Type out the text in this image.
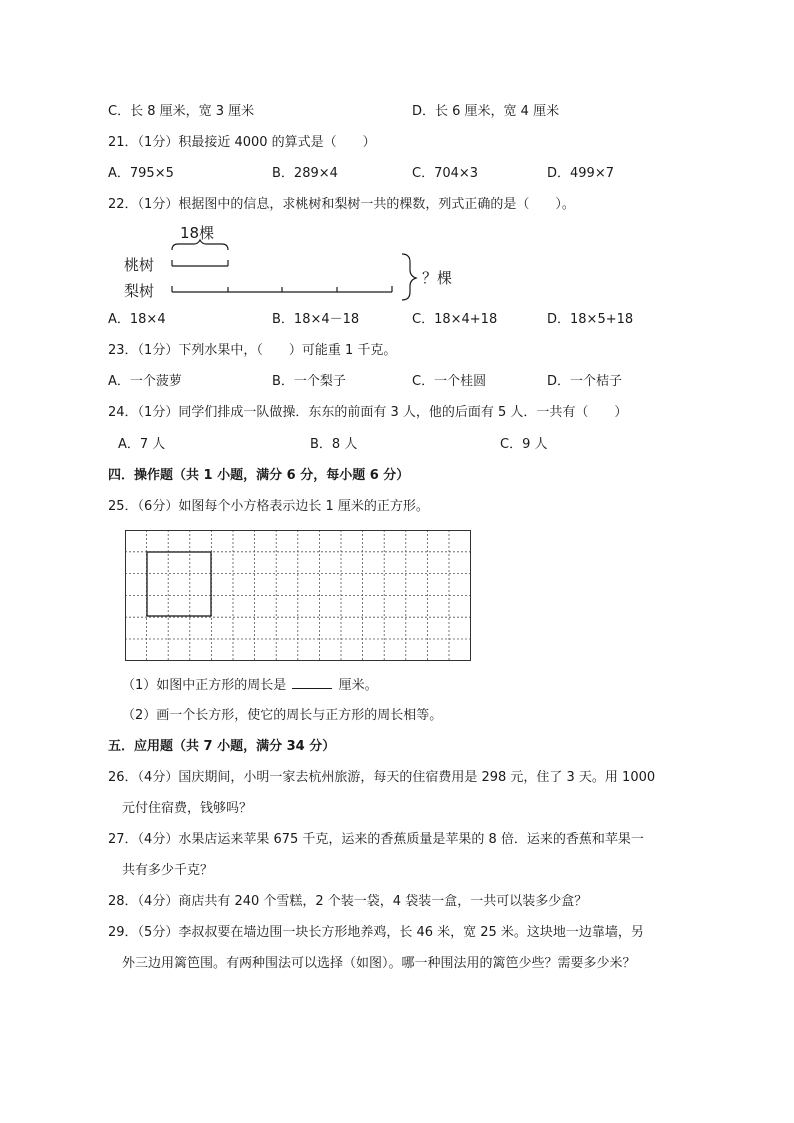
C．长 8 厘米，宽 3 厘米	D．长 6 厘米，宽 4 厘米
21．（1分）积最接近 4000 的算式是（　　）
A．795×5	B．289×4	C．704×3	D．499×7
22．（1分）根据图中的信息，求桃树和梨树一共的棵数，列式正确的是（　　）。
18棵
桃树
梨树
？棵
A．18×4	B．18×4－18	C．18×4+18	D．18×5+18
23．（1分）下列水果中，（　　）可能重 1 千克。
A．一个菠萝	B．一个梨子	C．一个桂圆	D．一个桔子
24．（1分）同学们排成一队做操．东东的前面有 3 人，他的后面有 5 人．一共有（　　）
A．7 人	B．8 人	C．9 人
四．操作题（共 1 小题，满分 6 分，每小题 6 分）
25．（6分）如图每个小方格表示边长 1 厘米的正方形。
（1）如图中正方形的周长是	厘米。
（2）画一个长方形，使它的周长与正方形的周长相等。
五．应用题（共 7 小题，满分 34 分）
26．（4分）国庆期间，小明一家去杭州旅游，每天的住宿费用是 298 元，住了 3 天。用 1000
元付住宿费，钱够吗？
27．（4分）水果店运来苹果 675 千克，运来的香蕉质量是苹果的 8 倍．运来的香蕉和苹果一
共有多少千克？
28．（4分）商店共有 240 个雪糕，2 个装一袋，4 袋装一盒，一共可以装多少盒？
29．（5分）李叔叔要在墙边围一块长方形地养鸡，长 46 米，宽 25 米。这块地一边靠墙，另
外三边用篱笆围。有两种围法可以选择（如图）。哪一种围法用的篱笆少些？需要多少米？
